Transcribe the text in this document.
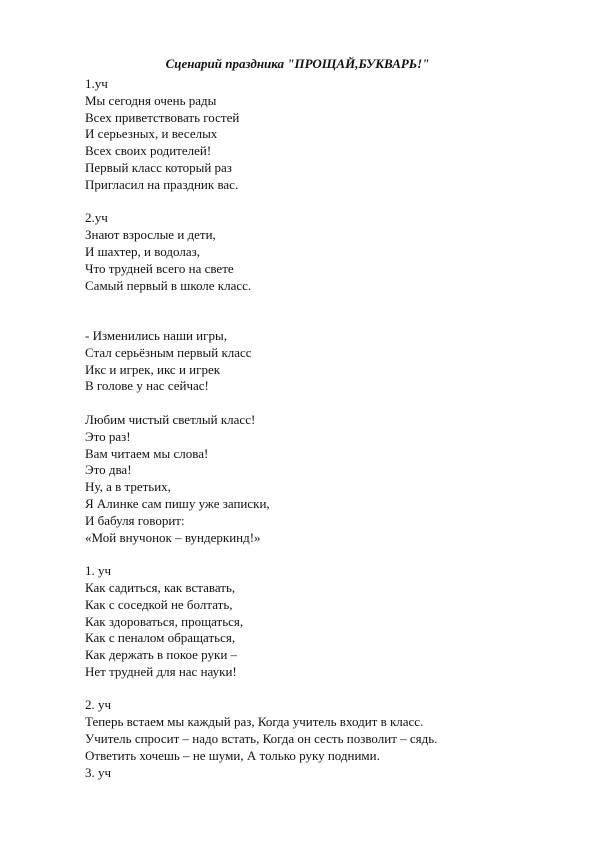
Сценарий праздника "ПРОЩАЙ,БУКВАРЬ!"
1.уч
Мы сегодня очень рады
Всех приветствовать гостей
И серьезных, и веселых
Всех своих родителей!
Первый класс который раз
Пригласил на праздник вас.
2.уч
Знают взрослые и дети,
И шахтер, и водолаз,
Что трудней всего на свете
Самый первый в школе класс.
- Изменились наши игры,
Стал серьёзным первый класс
Икс и игрек, икс и игрек
В голове у нас сейчас!
Любим чистый светлый класс!
Это раз!
Вам читаем мы слова!
Это два!
Ну, а в третьих,
Я Алинке сам пишу уже записки,
И бабуля говорит:
«Мой внучонок – вундеркинд!»
1. уч
Как садиться, как вставать,
Как с соседкой не болтать,
Как здороваться, прощаться,
Как с пеналом обращаться,
Как держать в покое руки –
Нет трудней для нас науки!
2. уч
Теперь встаем мы каждый раз, Когда учитель входит в класс.
Учитель спросит – надо встать, Когда он сесть позволит – сядь.
Ответить хочешь – не шуми, А только руку подними.
3. уч
